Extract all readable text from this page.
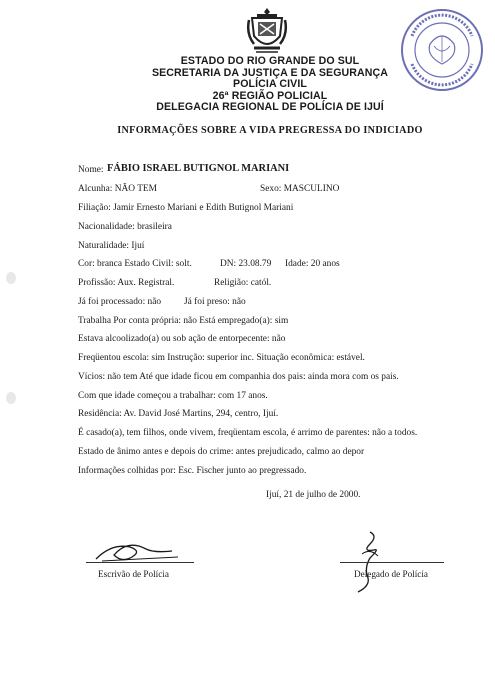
ESTADO DO RIO GRANDE DO SUL
SECRETARIA DA JUSTIÇA E DA SEGURANÇA
POLÍCIA CIVIL
26ª REGIÃO POLICIAL
DELEGACIA REGIONAL DE POLÍCIA DE IJUÍ
INFORMAÇÕES SOBRE A VIDA PREGRESSA DO INDICIADO
Nome: FÁBIO ISRAEL BUTIGNOL MARIANI
Alcunha: NÃO TEM	Sexo: MASCULINO
Filiação: Jamir Ernesto Mariani e Edith Butignol Mariani
Nacionalidade: brasileira
Naturalidade: Ijuí
Cor: branca Estado Civil: solt.	DN: 23.08.79 Idade: 20 anos
Profissão: Aux. Registral.	Religião: catól.
Já foi processado: não Já foi preso: não
Trabalha Por conta própria: não Está empregado(a): sim
Estava alcoolizado(a) ou sob ação de entorpecente: não
Freqüentou escola: sim Instrução: superior inc. Situação econômica: estável.
Vícios: não tem Até que idade ficou em companhia dos pais: ainda mora com os pais.
Com que idade começou a trabalhar: com 17 anos.
Residência: Av. David José Martins, 294, centro, Ijuí.
É casado(a), tem filhos, onde vivem, freqüentam escola, é arrimo de parentes: não a todos.
Estado de ânimo antes e depois do crime: antes prejudicado, calmo ao depor
Informações colhidas por: Esc. Fischer junto ao pregressado.
Ijuí, 21 de julho de 2000.
Escrivão de Polícia	Delegado de Polícia
